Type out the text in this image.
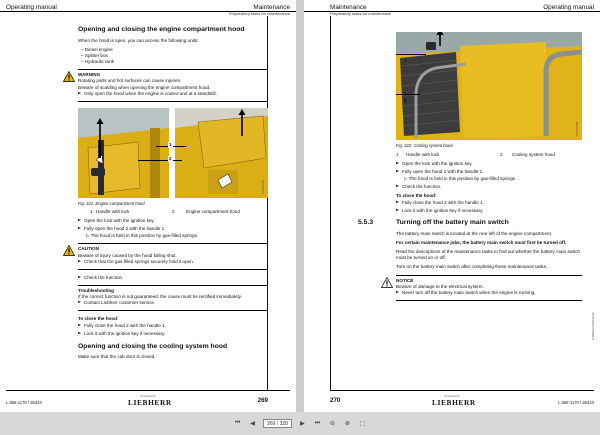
Operating manual	Maintenance
Preparatory tasks for maintenance
Opening and closing the engine compartment hood
When the hood is open, you can access the following units:
– Diesel engine
– Splitter box
– Hydraulic tank
WARNING
Rotating parts and hot surfaces can cause injuries.
Beware of scalding when opening the engine compartment hood.
Only open the hood when the engine is cooled and at a standstill.
1
2
123456789
Fig. 321: Engine compartment hood
1 Handle with lock	2	Engine compartment hood
Open the lock with the ignition key.
Fully open the hood 2 with the handle 1.
▷ The hood is held in this position by gas-filled springs.
CAUTION
Beware of injury caused by the hood falling shut.
Check that the gas-filled springs securely hold it open.
Check the function.
Troubleshooting
If the correct function is not guaranteed, the cause must be rectified immediately.
Contact Liebherr customer service.
To close the hood:
Fully close the hood 2 with the handle 1.
Lock it with the ignition key if necessary.
Opening and closing the cooling system hood
Make sure that the cab door is closed.
L 566-1170 / 26443
xxxxxxxxx
LIEBHERR	269
Maintenance	Operating manual
Preparatory tasks for maintenance
123456789
Fig. 322: Cooling system hood
1	Handle with lock	2	Cooling system hood
Open the lock with the ignition key.
Fully open the hood 2 with the handle 1.
▷ The hood is held in this position by gas-filled springs.
Check the function.
To close the hood:
Fully close the hood 2 with the handle 1.
Lock it with the ignition key if necessary.
5.5.3	Turning off the battery main switch
The battery main switch is located at the rear left of the engine compartment.
For certain maintenance jobs, the battery main switch must first be turned off.
Read the descriptions of the maintenance tasks to find out whether the battery main switch must be turned on or off.
Turn on the battery main switch after completing these maintenance tasks.
NOTICE
Beware of damage to the electrical system.
Never turn off the battery main switch when the engine is running.
1
2
LHB/de/en/fr/it/es/pt/nl
270
xxxxxxxxx
LIEBHERR	L 566-1170 / 26443
⏮	◀	269 / 328	▶	⏭	⊖	⊕	⬚
